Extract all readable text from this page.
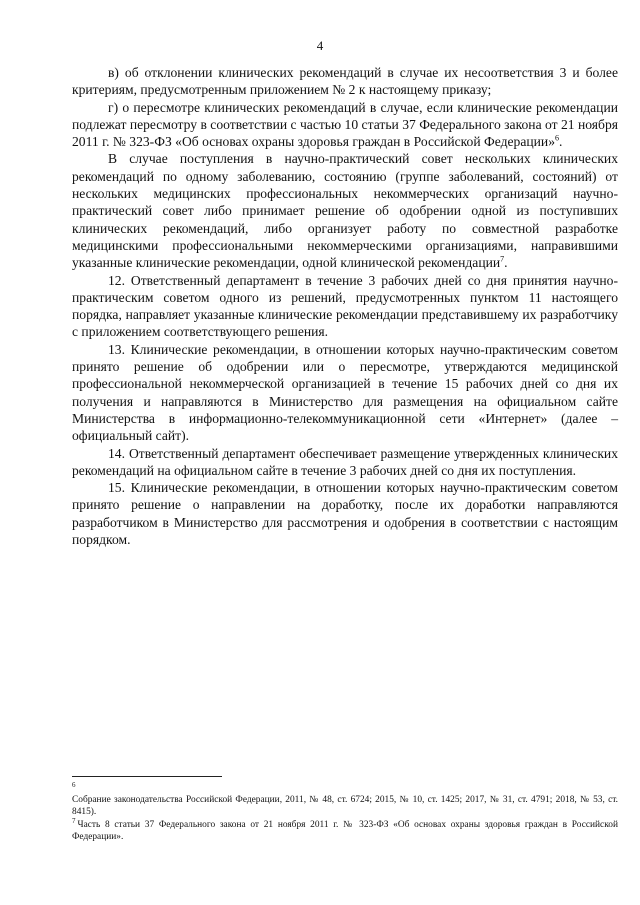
4

в) об отклонении клинических рекомендаций в случае их несоответствия 3 и более критериям, предусмотренным приложением № 2 к настоящему приказу;

г) о пересмотре клинических рекомендаций в случае, если клинические рекомендации подлежат пересмотру в соответствии с частью 10 статьи 37 Федерального закона от 21 ноября 2011 г. № 323-ФЗ «Об основах охраны здоровья граждан в Российской Федерации»$^6$.

В случае поступления в научно-практический совет нескольких клинических рекомендаций по одному заболеванию, состоянию (группе заболеваний, состояний) от нескольких медицинских профессиональных некоммерческих организаций научно-практический совет либо принимает решение об одобрении одной из поступивших клинических рекомендаций, либо организует работу по совместной разработке медицинскими профессиональными некоммерческими организациями, направившими указанные клинические рекомендации, одной клинической рекомендации$^7$.

12. Ответственный департамент в течение 3 рабочих дней со дня принятия научно-практическим советом одного из решений, предусмотренных пунктом 11 настоящего порядка, направляет указанные клинические рекомендации представившему их разработчику с приложением соответствующего решения.

13. Клинические рекомендации, в отношении которых научно-практическим советом принято решение об одобрении или о пересмотре, утверждаются медицинской профессиональной некоммерческой организацией в течение 15 рабочих дней со дня их получения и направляются в Министерство для размещения на официальном сайте Министерства в информационно-телекоммуникационной сети «Интернет» (далее – официальный сайт).

14. Ответственный департамент обеспечивает размещение утвержденных клинических рекомендаций на официальном сайте в течение 3 рабочих дней со дня их поступления.

15. Клинические рекомендации, в отношении которых научно-практическим советом принято решение о направлении на доработку, после их доработки направляются разработчиком в Министерство для рассмотрения и одобрения в соответствии с настоящим порядком.

6

Собрание законодательства Российской Федерации, 2011, № 48, ст. 6724; 2015, № 10, ст. 1425; 2017, № 31, ст. 4791; 2018, № 53, ст. 8415).

$^7$ Часть 8 статьи 37 Федерального закона от 21 ноября 2011 г. № 323-ФЗ «Об основах охраны здоровья граждан в Российской Федерации».
